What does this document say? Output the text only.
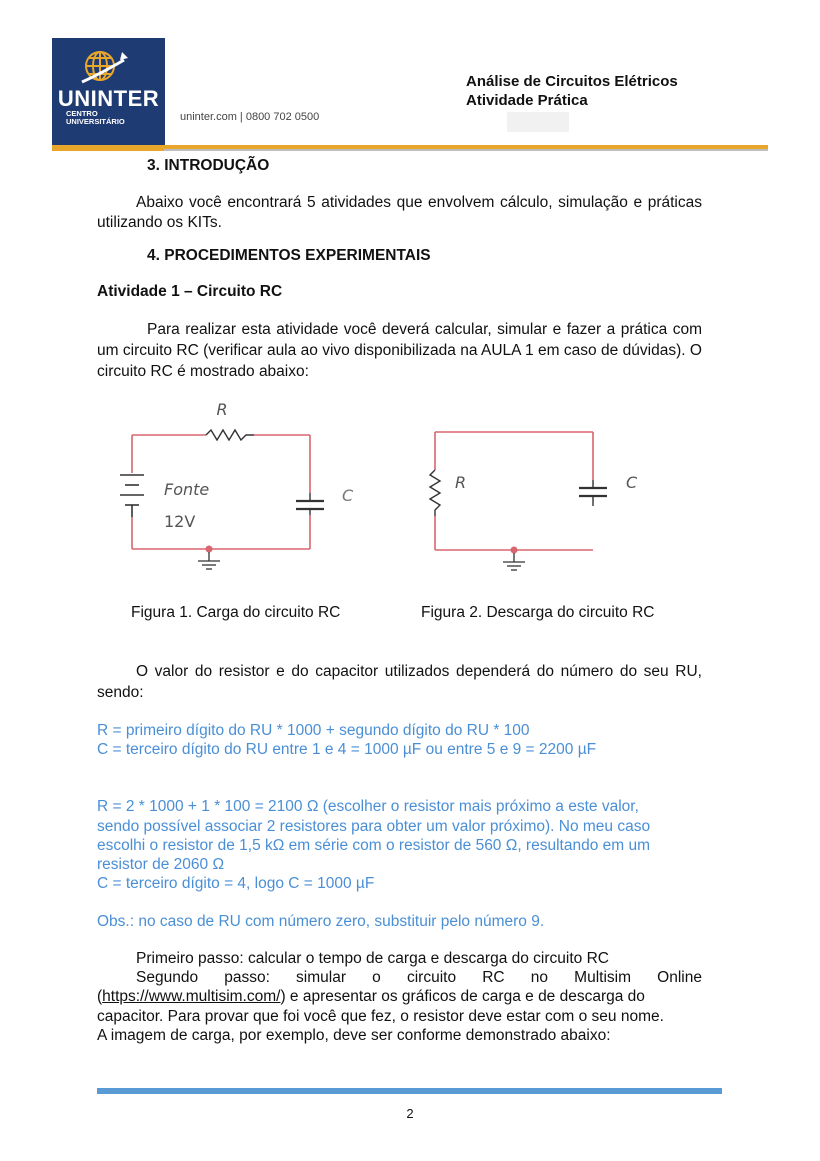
UNINTER
CENTRO
UNIVERSITÁRIO	uninter.com | 0800 702 0500
Análise de Circuitos Elétricos
Atividade Prática
3. INTRODUÇÃO
Abaixo você encontrará 5 atividades que envolvem cálculo, simulação e práticas utilizando os KITs.
4. PROCEDIMENTOS EXPERIMENTAIS
Atividade 1 – Circuito RC
Para realizar esta atividade você deverá calcular, simular e fazer a prática com um circuito RC (verificar aula ao vivo disponibilizada na AULA 1 em caso de dúvidas). O circuito RC é mostrado abaixo:
R
Fonte
12V
C
R	C
Figura 1. Carga do circuito RC	Figura 2. Descarga do circuito RC
O valor do resistor e do capacitor utilizados dependerá do número do seu RU, sendo:
R = primeiro dígito do RU * 1000 + segundo dígito do RU * 100
C = terceiro dígito do RU entre 1 e 4 = 1000 µF ou entre 5 e 9 = 2200 µF
R = 2 * 1000 + 1 * 100 = 2100 Ω (escolher o resistor mais próximo a este valor,
sendo possível associar 2 resistores para obter um valor próximo). No meu caso
escolhi o resistor de 1,5 kΩ em série com o resistor de 560 Ω, resultando em um
resistor de 2060 Ω
C = terceiro dígito = 4, logo C = 1000 µF
Obs.: no caso de RU com número zero, substituir pelo número 9.
Primeiro passo: calcular o tempo de carga e descarga do circuito RC
Segundo passo: simular o circuito RC no Multisim Online
(https://www.multisim.com/) e apresentar os gráficos de carga e de descarga do
capacitor. Para provar que foi você que fez, o resistor deve estar com o seu nome.
A imagem de carga, por exemplo, deve ser conforme demonstrado abaixo:
2
